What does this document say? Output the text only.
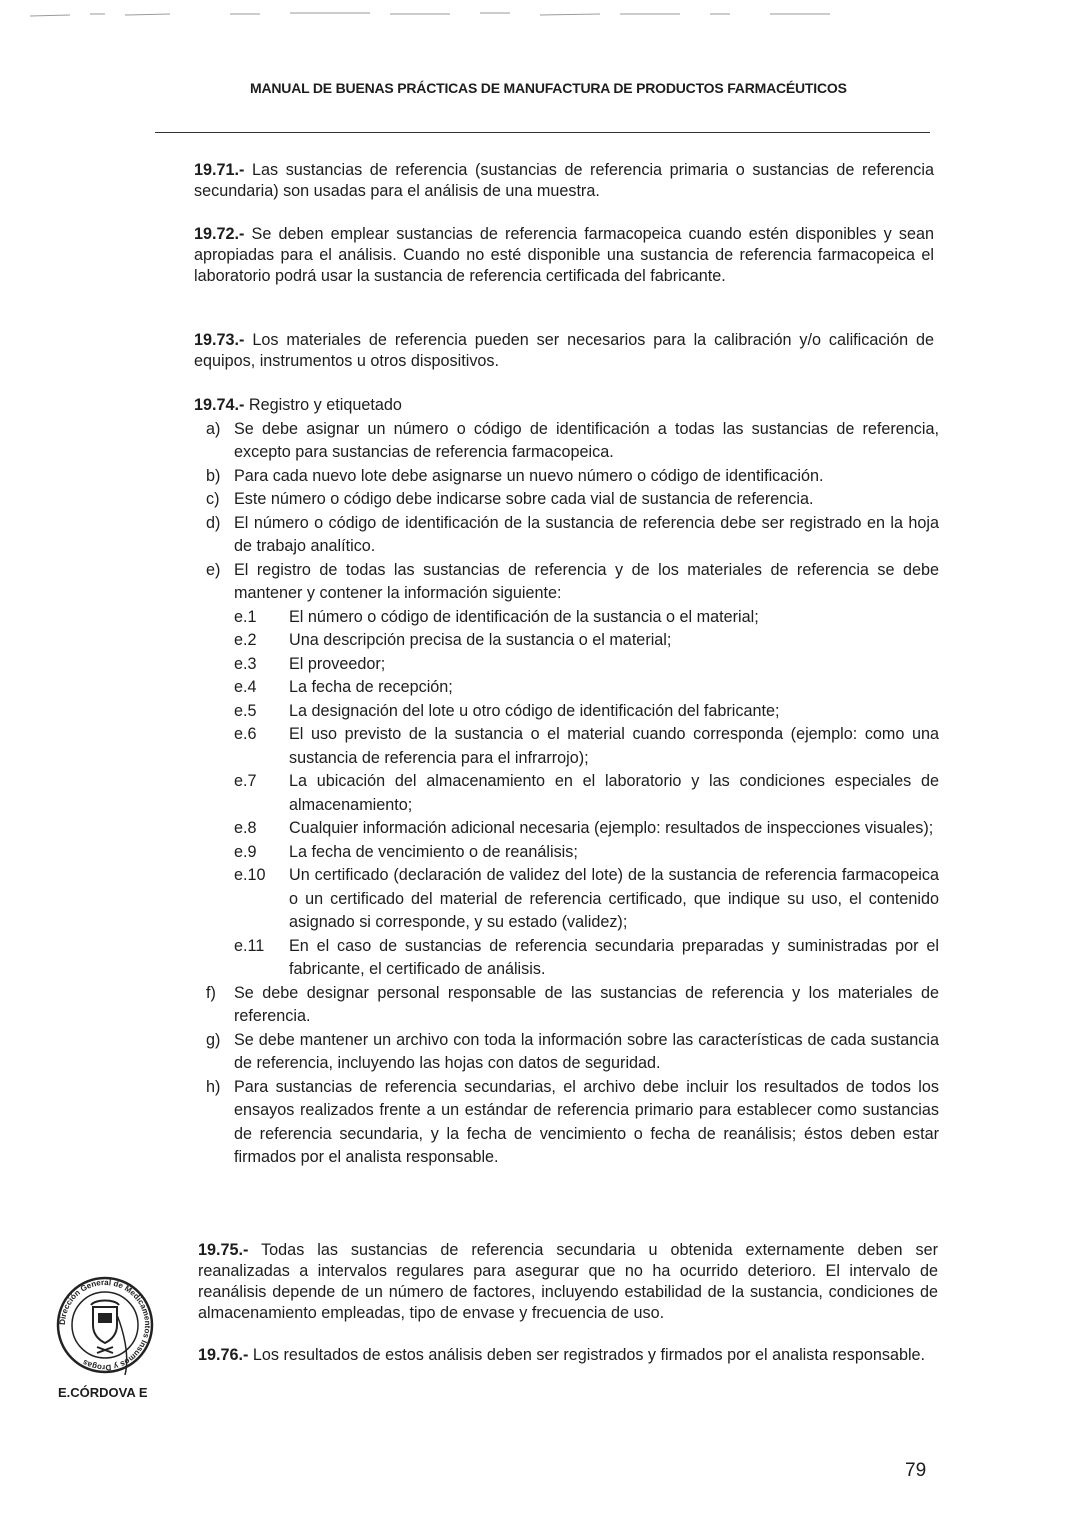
MANUAL DE BUENAS PRÁCTICAS DE MANUFACTURA DE PRODUCTOS FARMACÉUTICOS

19.71.- Las sustancias de referencia (sustancias de referencia primaria o sustancias de referencia secundaria) son usadas para el análisis de una muestra.

19.72.- Se deben emplear sustancias de referencia farmacopeica cuando estén disponibles y sean apropiadas para el análisis. Cuando no esté disponible una sustancia de referencia farmacopeica el laboratorio podrá usar la sustancia de referencia certificada del fabricante.

19.73.- Los materiales de referencia pueden ser necesarios para la calibración y/o calificación de equipos, instrumentos u otros dispositivos.

19.74.- Registro y etiquetado

a) Se debe asignar un número o código de identificación a todas las sustancias de referencia, excepto para sustancias de referencia farmacopeica.
b) Para cada nuevo lote debe asignarse un nuevo número o código de identificación.
c) Este número o código debe indicarse sobre cada vial de sustancia de referencia.
d) El número o código de identificación de la sustancia de referencia debe ser registrado en la hoja de trabajo analítico.
e) El registro de todas las sustancias de referencia y de los materiales de referencia se debe mantener y contener la información siguiente:
e.1 El número o código de identificación de la sustancia o el material;
e.2 Una descripción precisa de la sustancia o el material;
e.3 El proveedor;
e.4 La fecha de recepción;
e.5 La designación del lote u otro código de identificación del fabricante;
e.6 El uso previsto de la sustancia o el material cuando corresponda (ejemplo: como una sustancia de referencia para el infrarrojo);
e.7 La ubicación del almacenamiento en el laboratorio y las condiciones especiales de almacenamiento;
e.8 Cualquier información adicional necesaria (ejemplo: resultados de inspecciones visuales);
e.9 La fecha de vencimiento o de reanálisis;
e.10 Un certificado (declaración de validez del lote) de la sustancia de referencia farmacopeica o un certificado del material de referencia certificado, que indique su uso, el contenido asignado si corresponde, y su estado (validez);
e.11 En el caso de sustancias de referencia secundaria preparadas y suministradas por el fabricante, el certificado de análisis.
f) Se debe designar personal responsable de las sustancias de referencia y los materiales de referencia.
g) Se debe mantener un archivo con toda la información sobre las características de cada sustancia de referencia, incluyendo las hojas con datos de seguridad.
h) Para sustancias de referencia secundarias, el archivo debe incluir los resultados de todos los ensayos realizados frente a un estándar de referencia primario para establecer como sustancias de referencia secundaria, y la fecha de vencimiento o fecha de reanálisis; éstos deben estar firmados por el analista responsable.

19.75.- Todas las sustancias de referencia secundaria u obtenida externamente deben ser reanalizadas a intervalos regulares para asegurar que no ha ocurrido deterioro. El intervalo de reanálisis depende de un número de factores, incluyendo estabilidad de la sustancia, condiciones de almacenamiento empleadas, tipo de envase y frecuencia de uso.

19.76.- Los resultados de estos análisis deben ser registrados y firmados por el analista responsable.

Dirección General de Medicamentos Insumos y Drogas
E.CÓRDOVA E
79
